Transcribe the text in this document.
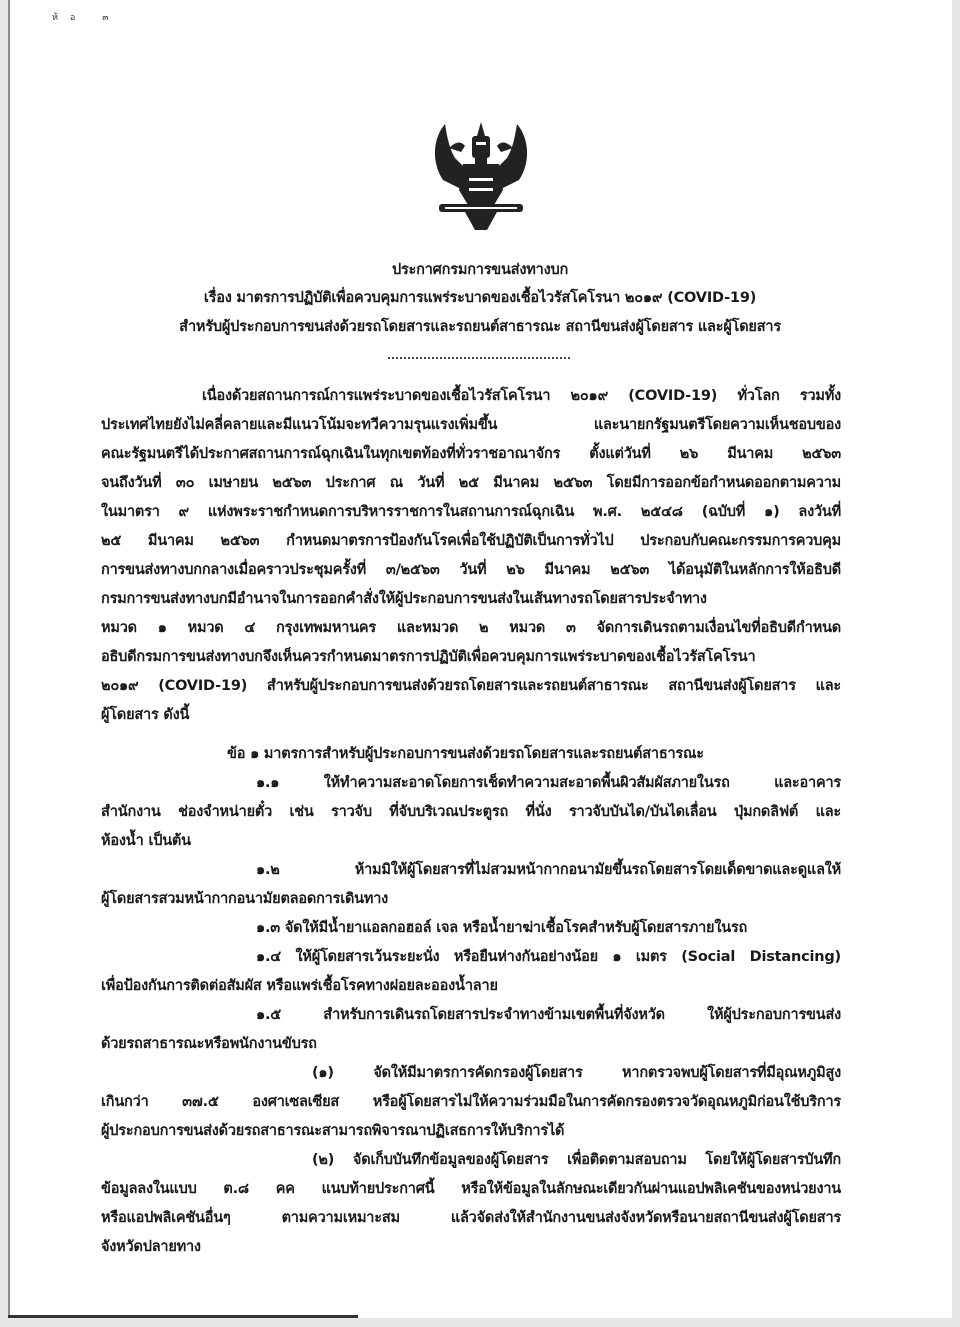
ห้อ ๓
ประกาศกรมการขนส่งทางบก
เรื่อง มาตรการปฏิบัติเพื่อควบคุมการแพร่ระบาดของเชื้อไวรัสโคโรนา ๒๐๑๙ (COVID-19)
สำหรับผู้ประกอบการขนส่งด้วยรถโดยสารและรถยนต์สาธารณะ สถานีขนส่งผู้โดยสาร และผู้โดยสาร
เนื่องด้วยสถานการณ์การแพร่ระบาดของเชื้อไวรัสโคโรนา ๒๐๑๙ (COVID-19) ทั่วโลก รวมทั้ง
ประเทศไทยยังไม่คลี่คลายและมีแนวโน้มจะทวีความรุนแรงเพิ่มขึ้น และนายกรัฐมนตรีโดยความเห็นชอบของ
คณะรัฐมนตรีได้ประกาศสถานการณ์ฉุกเฉินในทุกเขตท้องที่ทั่วราชอาณาจักร ตั้งแต่วันที่ ๒๖ มีนาคม ๒๕๖๓
จนถึงวันที่ ๓๐ เมษายน ๒๕๖๓ ประกาศ ณ วันที่ ๒๕ มีนาคม ๒๕๖๓ โดยมีการออกข้อกำหนดออกตามความ
ในมาตรา ๙ แห่งพระราชกำหนดการบริหารราชการในสถานการณ์ฉุกเฉิน พ.ศ. ๒๕๔๘ (ฉบับที่ ๑) ลงวันที่
๒๕ มีนาคม ๒๕๖๓ กำหนดมาตรการป้องกันโรคเพื่อใช้ปฏิบัติเป็นการทั่วไป ประกอบกับคณะกรรมการควบคุม
การขนส่งทางบกกลางเมื่อคราวประชุมครั้งที่ ๓/๒๕๖๓ วันที่ ๒๖ มีนาคม ๒๕๖๓ ได้อนุมัติในหลักการให้อธิบดี
กรมการขนส่งทางบกมีอำนาจในการออกคำสั่งให้ผู้ประกอบการขนส่งในเส้นทางรถโดยสารประจำทาง
หมวด ๑ หมวด ๔ กรุงเทพมหานคร และหมวด ๒ หมวด ๓ จัดการเดินรถตามเงื่อนไขที่อธิบดีกำหนด
อธิบดีกรมการขนส่งทางบกจึงเห็นควรกำหนดมาตรการปฏิบัติเพื่อควบคุมการแพร่ระบาดของเชื้อไวรัสโคโรนา
๒๐๑๙ (COVID-19) สำหรับผู้ประกอบการขนส่งด้วยรถโดยสารและรถยนต์สาธารณะ สถานีขนส่งผู้โดยสาร และ
ผู้โดยสาร ดังนี้
ข้อ ๑ มาตรการสำหรับผู้ประกอบการขนส่งด้วยรถโดยสารและรถยนต์สาธารณะ
๑.๑ ให้ทำความสะอาดโดยการเช็ดทำความสะอาดพื้นผิวสัมผัสภายในรถ และอาคาร
สำนักงาน ช่องจำหน่ายตั๋ว เช่น ราวจับ ที่จับบริเวณประตูรถ ที่นั่ง ราวจับบันได/บันไดเลื่อน ปุ่มกดลิฟต์ และ
ห้องน้ำ เป็นต้น
๑.๒ ห้ามมิให้ผู้โดยสารที่ไม่สวมหน้ากากอนามัยขึ้นรถโดยสารโดยเด็ดขาดและดูแลให้
ผู้โดยสารสวมหน้ากากอนามัยตลอดการเดินทาง
๑.๓ จัดให้มีน้ำยาแอลกอฮอล์ เจล หรือน้ำยาฆ่าเชื้อโรคสำหรับผู้โดยสารภายในรถ
๑.๔ ให้ผู้โดยสารเว้นระยะนั่ง หรือยืนห่างกันอย่างน้อย ๑ เมตร (Social Distancing)
เพื่อป้องกันการติดต่อสัมผัส หรือแพร่เชื้อโรคทางฝอยละอองน้ำลาย
๑.๕ สำหรับการเดินรถโดยสารประจำทางข้ามเขตพื้นที่จังหวัด ให้ผู้ประกอบการขนส่ง
ด้วยรถสาธารณะหรือพนักงานขับรถ
(๑) จัดให้มีมาตรการคัดกรองผู้โดยสาร หากตรวจพบผู้โดยสารที่มีอุณหภูมิสูง
เกินกว่า ๓๗.๕ องศาเซลเซียส หรือผู้โดยสารไม่ให้ความร่วมมือในการคัดกรองตรวจวัดอุณหภูมิก่อนใช้บริการ
ผู้ประกอบการขนส่งด้วยรถสาธารณะสามารถพิจารณาปฏิเสธการให้บริการได้
(๒) จัดเก็บบันทึกข้อมูลของผู้โดยสาร เพื่อติดตามสอบถาม โดยให้ผู้โดยสารบันทึก
ข้อมูลลงในแบบ ต.๘ คค แนบท้ายประกาศนี้ หรือให้ข้อมูลในลักษณะเดียวกันผ่านแอปพลิเคชันของหน่วยงาน
หรือแอปพลิเคชันอื่นๆ ตามความเหมาะสม แล้วจัดส่งให้สำนักงานขนส่งจังหวัดหรือนายสถานีขนส่งผู้โดยสาร
จังหวัดปลายทาง
